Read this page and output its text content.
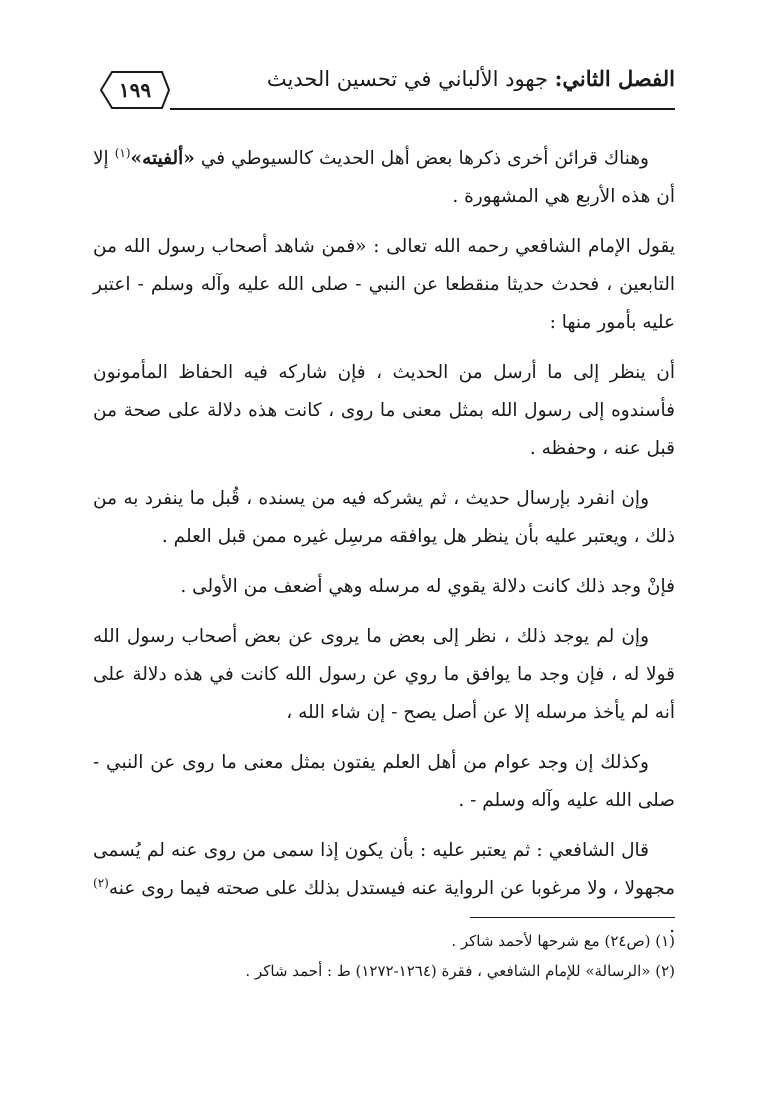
الفصل الثاني: جهود الألباني في تحسين الحديث
١٩٩

وهناك قرائن أخرى ذكرها بعض أهل الحديث كالسيوطي في «ألفيته»$^{(١)}$ إلا أن هذه الأربع هي المشهورة .

يقول الإمام الشافعي رحمه الله تعالى : «فمن شاهد أصحاب رسول الله من التابعين ، فحدث حديثا منقطعا عن النبي - صلى الله عليه وآله وسلم - اعتبر عليه بأمور منها :

أن ينظر إلى ما أرسل من الحديث ، فإن شاركه فيه الحفاظ المأمونون فأسندوه إلى رسول الله بمثل معنى ما روى ، كانت هذه دلالة على صحة من قبل عنه ، وحفظه .

وإن انفرد بإرسال حديث ، ثم يشركه فيه من يسنده ، قُبل ما ينفرد به من ذلك ، ويعتبر عليه بأن ينظر هل يوافقه مرسِل غيره ممن قبل العلم .

فإنْ وجد ذلك كانت دلالة يقوي له مرسله وهي أضعف من الأولى .

وإن لم يوجد ذلك ، نظر إلى بعض ما يروى عن بعض أصحاب رسول الله قولا له ، فإن وجد ما يوافق ما روي عن رسول الله كانت في هذه دلالة على أنه لم يأخذ مرسله إلا عن أصل يصح - إن شاء الله ،

وكذلك إن وجد عوام من أهل العلم يفتون بمثل معنى ما روى عن النبي - صلى الله عليه وآله وسلم - .

قال الشافعي : ثم يعتبر عليه : بأن يكون إذا سمى من روى عنه لم يُسمى مجهولا ، ولا مرغوبا عن الرواية عنه فيستدل بذلك على صحته فيما روى عنه$^{(٢)}$ .

(١) (ص٢٤) مع شرحها لأحمد شاكر .
(٢) «الرسالة» للإمام الشافعي ، فقرة (١٢٦٤-١٢٧٢) ط : أحمد شاكر .
